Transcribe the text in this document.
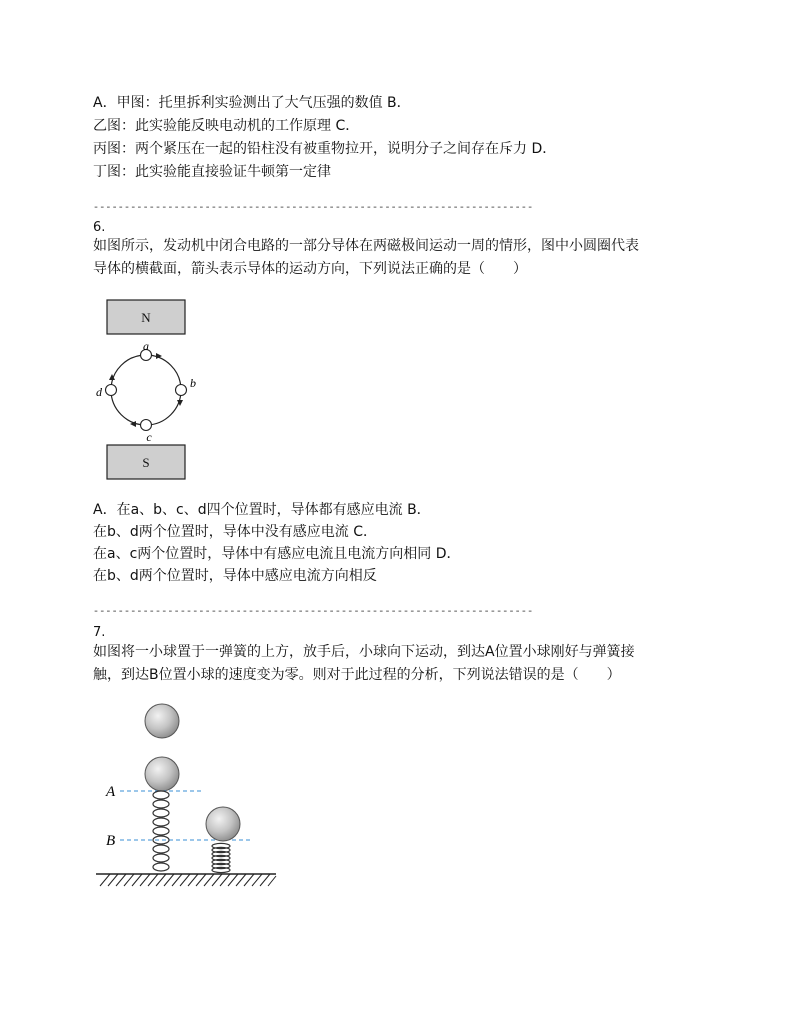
A．甲图：托里拆利实验测出了大气压强的数值 B．
乙图：此实验能反映电动机的工作原理 C．
丙图：两个紧压在一起的铅柱没有被重物拉开，说明分子之间存在斥力 D．
丁图：此实验能直接验证牛顿第一定律
-----------------------------------------------------------------------
6.
如图所示，发动机中闭合电路的一部分导体在两磁极间运动一周的情形，图中小圆圈代表
导体的横截面，箭头表示导体的运动方向，下列说法正确的是（　　）
N
S
a
b
c
d
A．在a、b、c、d四个位置时，导体都有感应电流 B．
在b、d两个位置时，导体中没有感应电流 C．
在a、c两个位置时，导体中有感应电流且电流方向相同 D．
在b、d两个位置时，导体中感应电流方向相反
-----------------------------------------------------------------------
7.
如图将一小球置于一弹簧的上方，放手后，小球向下运动，到达A位置小球刚好与弹簧接
触，到达B位置小球的速度变为零。则对于此过程的分析，下列说法错误的是（　　）
A
B
